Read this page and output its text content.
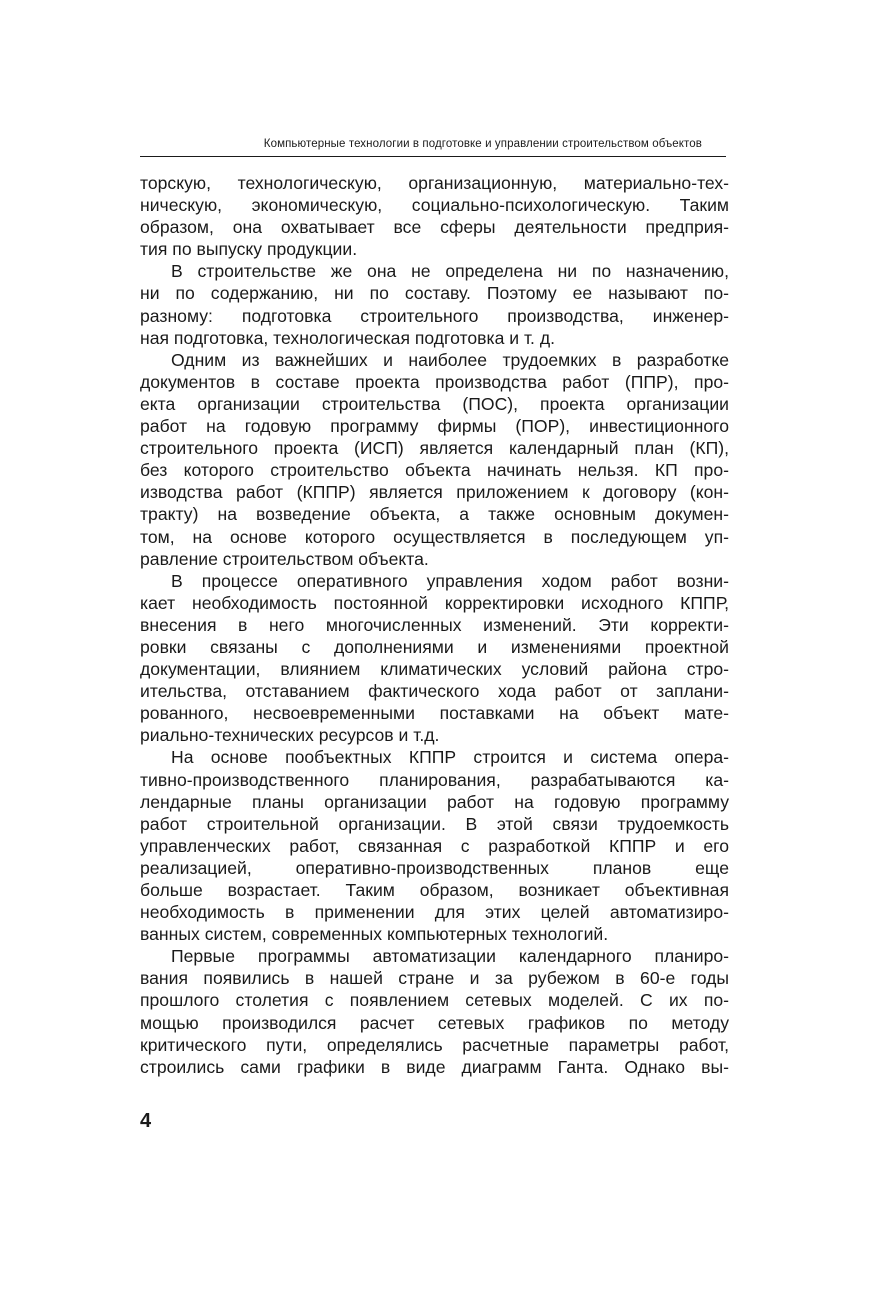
Компьютерные технологии в подготовке и управлении строительством объектов

торскую, технологическую, организационную, материально-тех-
ническую, экономическую, социально-психологическую. Таким
образом, она охватывает все сферы деятельности предприя-
тия по выпуску продукции.

В строительстве же она не определена ни по назначению,
ни по содержанию, ни по составу. Поэтому ее называют по-
разному: подготовка строительного производства, инженер-
ная подготовка, технологическая подготовка и т. д.

Одним из важнейших и наиболее трудоемких в разработке
документов в составе проекта производства работ (ППР), про-
екта организации строительства (ПОС), проекта организации
работ на годовую программу фирмы (ПОР), инвестиционного
строительного проекта (ИСП) является календарный план (КП),
без которого строительство объекта начинать нельзя. КП про-
изводства работ (КППР) является приложением к договору (кон-
тракту) на возведение объекта, а также основным докумен-
том, на основе которого осуществляется в последующем уп-
равление строительством объекта.

В процессе оперативного управления ходом работ возни-
кает необходимость постоянной корректировки исходного КППР,
внесения в него многочисленных изменений. Эти корректи-
ровки связаны с дополнениями и изменениями проектной
документации, влиянием климатических условий района стро-
ительства, отставанием фактического хода работ от заплани-
рованного, несвоевременными поставками на объект мате-
риально-технических ресурсов и т.д.

На основе пообъектных КППР строится и система опера-
тивно-производственного планирования, разрабатываются ка-
лендарные планы организации работ на годовую программу
работ строительной организации. В этой связи трудоемкость
управленческих работ, связанная с разработкой КППР и его
реализацией, оперативно-производственных планов еще
больше возрастает. Таким образом, возникает объективная
необходимость в применении для этих целей автоматизиро-
ванных систем, современных компьютерных технологий.

Первые программы автоматизации календарного планиро-
вания появились в нашей стране и за рубежом в 60-е годы
прошлого столетия с появлением сетевых моделей. С их по-
мощью производился расчет сетевых графиков по методу
критического пути, определялись расчетные параметры работ,
строились сами графики в виде диаграмм Ганта. Однако вы-

4
